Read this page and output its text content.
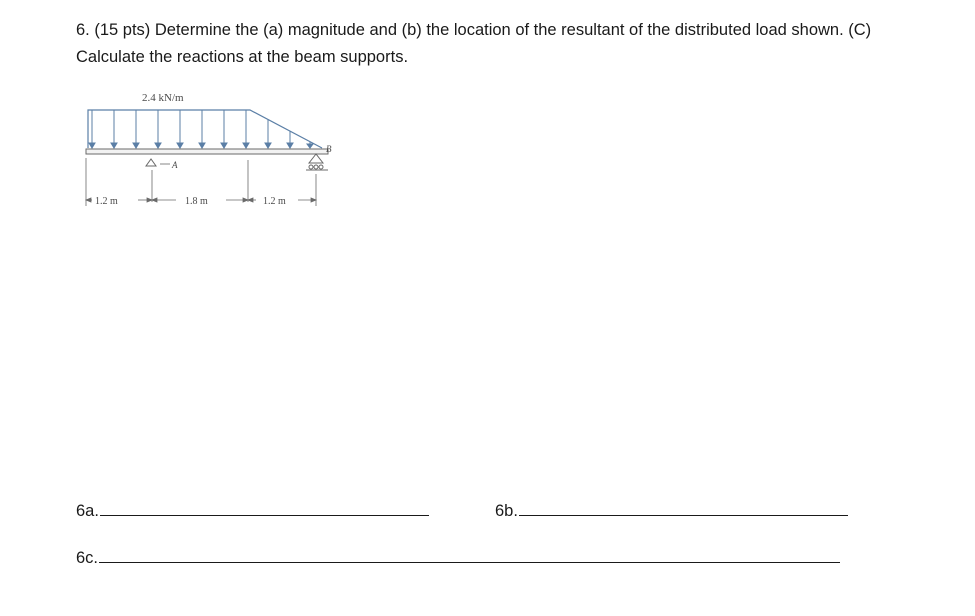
6. (15 pts) Determine the (a) magnitude and (b) the location of the resultant of the distributed load shown. (C) Calculate the reactions at the beam supports.

2.4 kN/m
A
B
1.2 m	1.8 m	1.2 m
6a.	6b.
6c.
